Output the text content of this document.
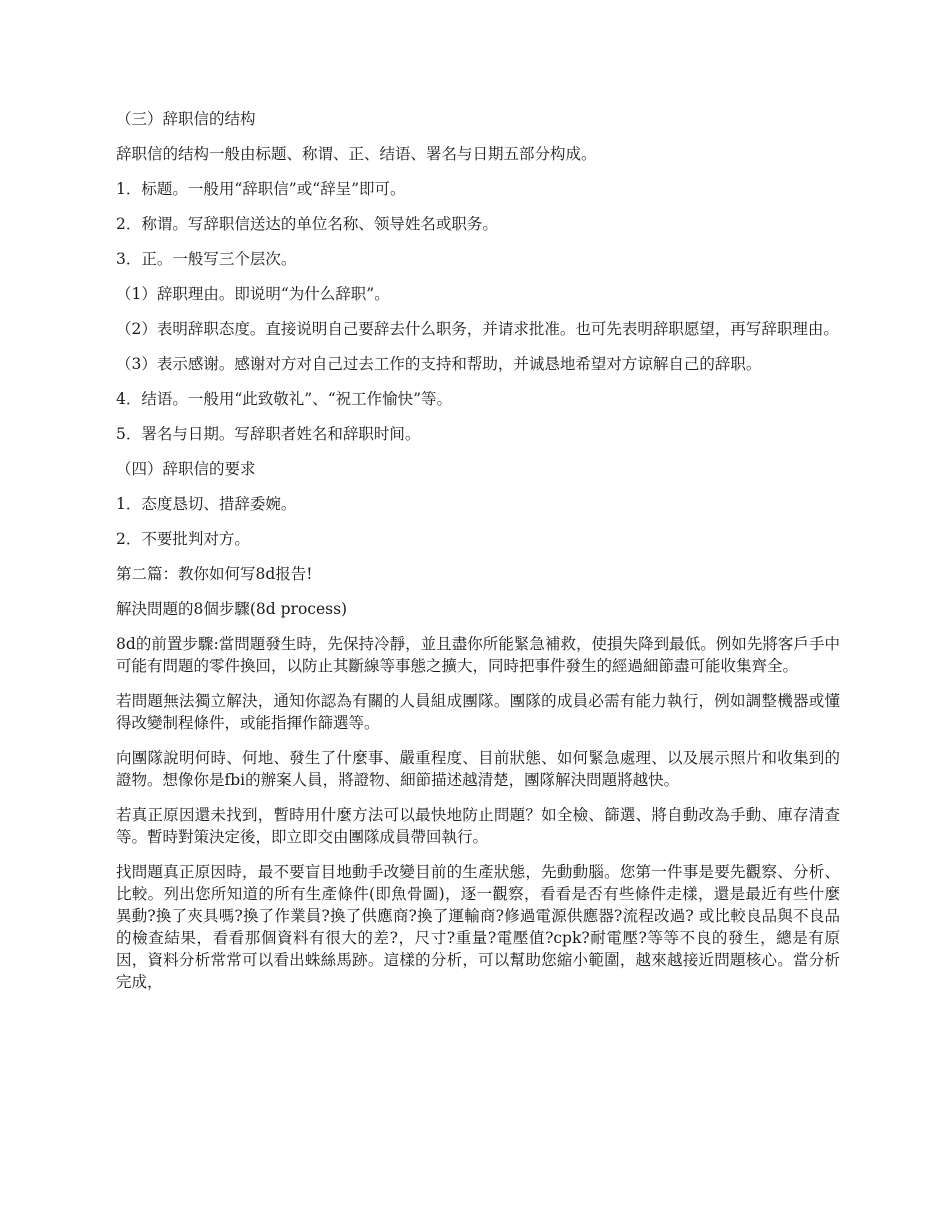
（三）辞职信的结构

辞职信的结构一般由标题、称谓、正、结语、署名与日期五部分构成。

1．标题。一般用“辞职信”或“辞呈”即可。

2．称谓。写辞职信送达的单位名称、领导姓名或职务。

3．正。一般写三个层次。

（1）辞职理由。即说明“为什么辞职”。

（2）表明辞职态度。直接说明自己要辞去什么职务，并请求批准。也可先表明辞职愿望，再写辞职理由。

（3）表示感谢。感谢对方对自己过去工作的支持和帮助，并诚恳地希望对方谅解自己的辞职。

4．结语。一般用“此致敬礼”、“祝工作愉快”等。

5．署名与日期。写辞职者姓名和辞职时间。

（四）辞职信的要求

1．态度恳切、措辞委婉。

2．不要批判对方。

第二篇：教你如何写8d报告!

解決問題的8個步驟(8d process)

8d的前置步驟:當問題發生時，先保持冷靜，並且盡你所能緊急補救，使損失降到最低。例如先將客戶手中可能有問題的零件換回，以防止其斷線等事態之擴大，同時把事件發生的經過細節盡可能收集齊全。

若問題無法獨立解決，通知你認為有關的人員組成團隊。團隊的成員必需有能力執行，例如調整機器或懂得改變制程條件，或能指揮作篩選等。

向團隊說明何時、何地、發生了什麼事、嚴重程度、目前狀態、如何緊急處理、以及展示照片和收集到的證物。想像你是fbi的辦案人員，將證物、細節描述越清楚，團隊解決問題將越快。

若真正原因還未找到，暫時用什麼方法可以最快地防止問題？如全檢、篩選、將自動改為手動、庫存清查等。暫時對策決定後，即立即交由團隊成員帶回執行。

找問題真正原因時，最不要盲目地動手改變目前的生產狀態，先動動腦。您第一件事是要先觀察、分析、比較。列出您所知道的所有生產條件(即魚骨圖)，逐一觀察，看看是否有些條件走樣，還是最近有些什麼異動?換了夾具嗎?換了作業員?換了供應商?換了運輸商?修過電源供應器?流程改過? 或比較良品與不良品的檢查結果，看看那個資料有很大的差?，尺寸?重量?電壓值?cpk?耐電壓?等等不良的發生，總是有原因，資料分析常常可以看出蛛絲馬跡。這樣的分析，可以幫助您縮小範圍，越來越接近問題核心。當分析完成，
